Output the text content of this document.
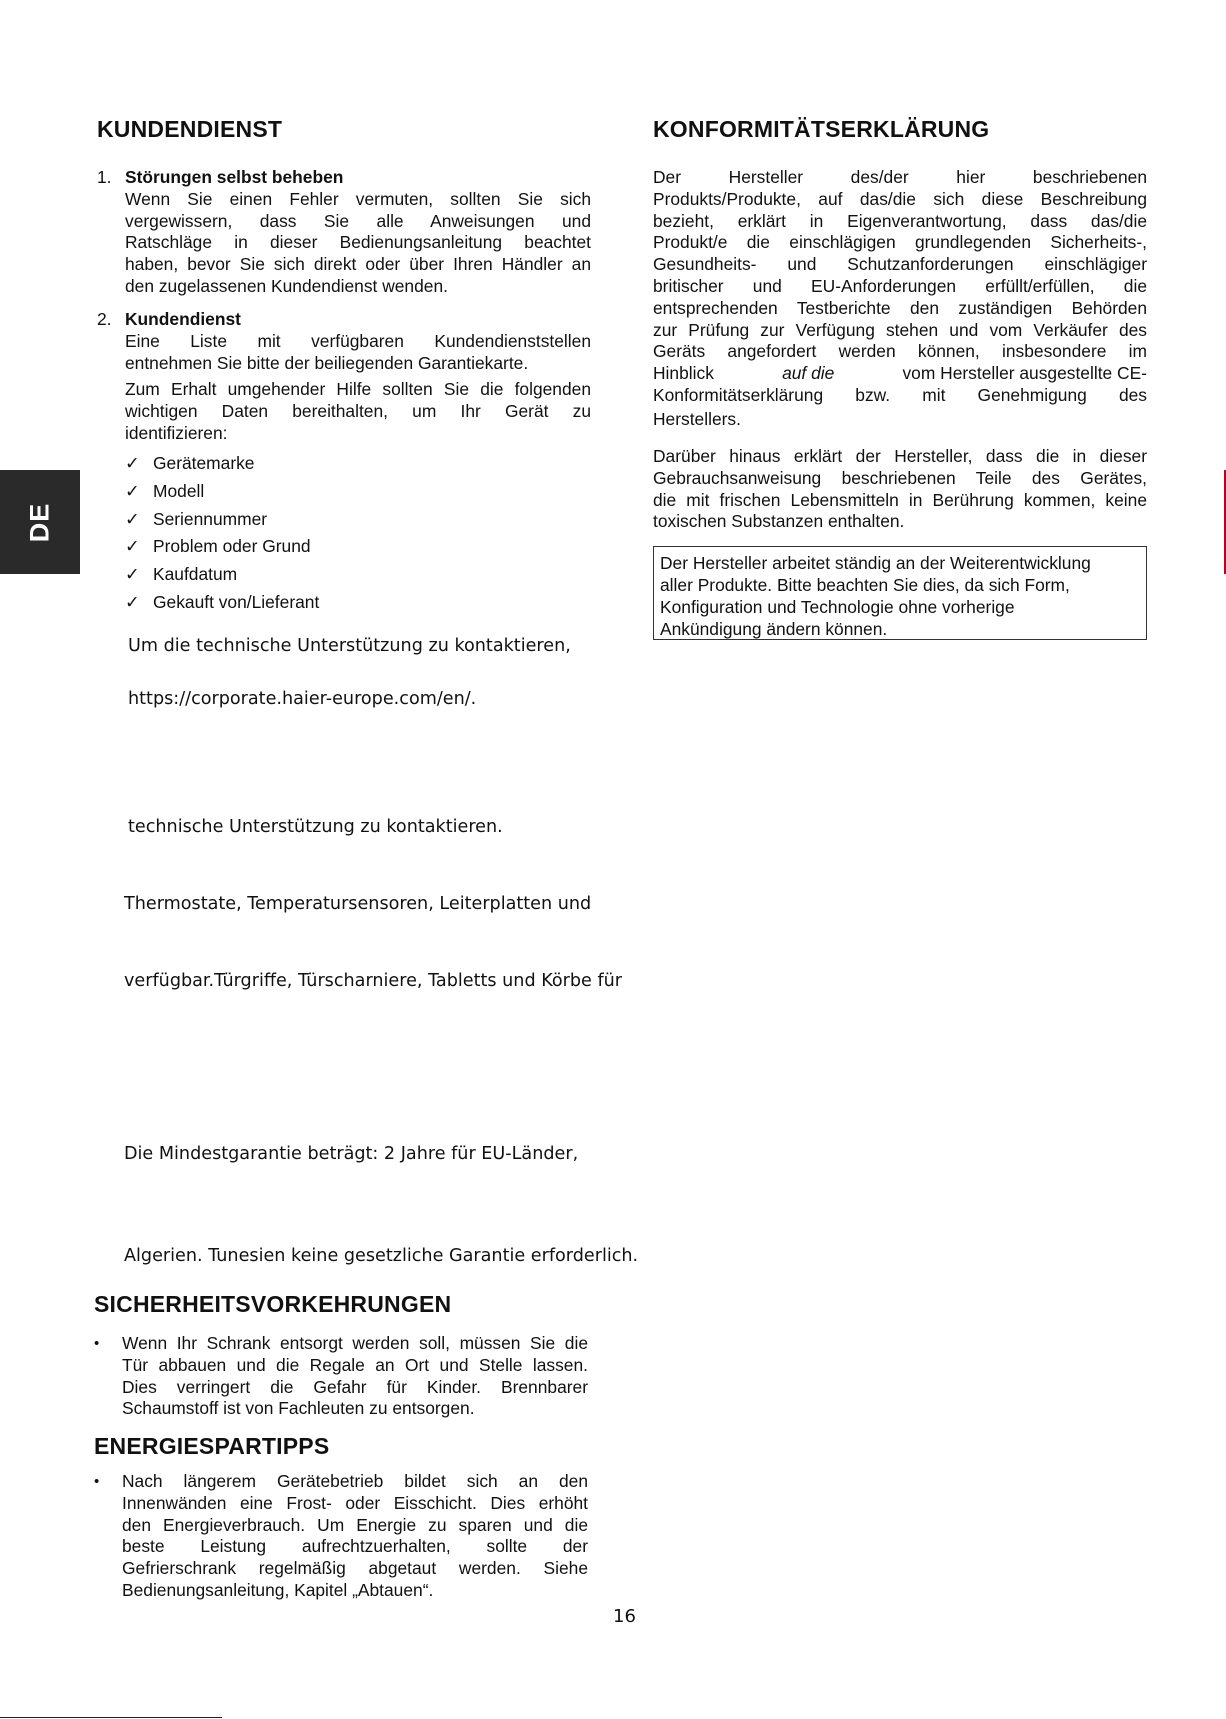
DE
KUNDENDIENST
1. Störungen selbst beheben
Wenn Sie einen Fehler vermuten, sollten Sie sich
vergewissern, dass Sie alle Anweisungen und
Ratschläge in dieser Bedienungsanleitung beachtet
haben, bevor Sie sich direkt oder über Ihren Händler an
den zugelassenen Kundendienst wenden.
2. Kundendienst
Eine Liste mit verfügbaren Kundendienststellen
entnehmen Sie bitte der beiliegenden Garantiekarte.
Zum Erhalt umgehender Hilfe sollten Sie die folgenden
wichtigen Daten bereithalten, um Ihr Gerät zu
identifizieren:
✓ Gerätemarke
✓ Modell
✓ Seriennummer
✓ Problem oder Grund
✓ Kaufdatum
✓ Gekauft von/Lieferant
Um die technische Unterstützung zu kontaktieren,
https://corporate.haier-europe.com/en/.
technische Unterstützung zu kontaktieren.
Thermostate, Temperatursensoren, Leiterplatten und
verfügbar.Türgriffe, Türscharniere, Tabletts und Körbe für
Die Mindestgarantie beträgt: 2 Jahre für EU-Länder,
Algerien. Tunesien keine gesetzliche Garantie erforderlich.
SICHERHEITSVORKEHRUNGEN
• Wenn Ihr Schrank entsorgt werden soll, müssen Sie die
Tür abbauen und die Regale an Ort und Stelle lassen.
Dies verringert die Gefahr für Kinder. Brennbarer
Schaumstoff ist von Fachleuten zu entsorgen.
ENERGIESPARTIPPS
• Nach längerem Gerätebetrieb bildet sich an den
Innenwänden eine Frost- oder Eisschicht. Dies erhöht
den Energieverbrauch. Um Energie zu sparen und die
beste Leistung aufrechtzuerhalten, sollte der
Gefrierschrank regelmäßig abgetaut werden. Siehe
Bedienungsanleitung, Kapitel „Abtauen“.
KONFORMITÄTSERKLÄRUNG
Der Hersteller des/der hier beschriebenen
Produkts/Produkte, auf das/die sich diese Beschreibung
bezieht, erklärt in Eigenverantwortung, dass das/die
Produkt/e die einschlägigen grundlegenden Sicherheits-,
Gesundheits- und Schutzanforderungen einschlägiger
britischer und EU-Anforderungen erfüllt/erfüllen, die
entsprechenden Testberichte den zuständigen Behörden
zur Prüfung zur Verfügung stehen und vom Verkäufer des
Geräts angefordert werden können, insbesondere im
Hinblick	auf die	vom Hersteller ausgestellte CE-
Konformitätserklärung bzw. mit Genehmigung des
Herstellers.
Darüber hinaus erklärt der Hersteller, dass die in dieser
Gebrauchsanweisung beschriebenen Teile des Gerätes,
die mit frischen Lebensmitteln in Berührung kommen, keine
toxischen Substanzen enthalten.
Der Hersteller arbeitet ständig an der Weiterentwicklung
aller Produkte. Bitte beachten Sie dies, da sich Form,
Konfiguration und Technologie ohne vorherige
Ankündigung ändern können.
16
